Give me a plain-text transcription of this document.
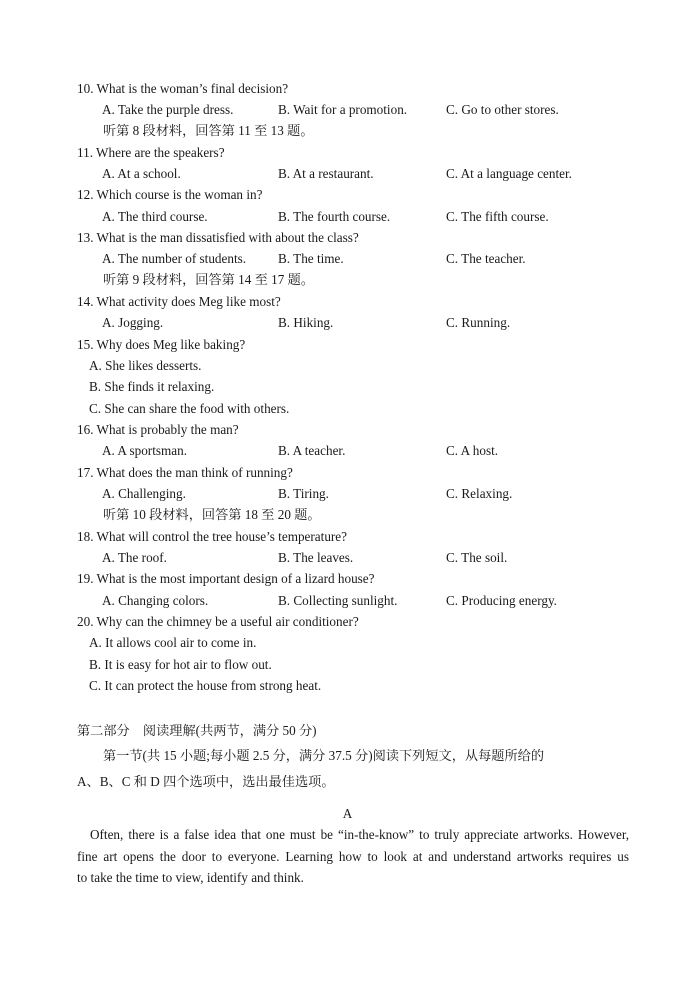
10. What is the woman’s final decision?
A. Take the purple dress.	B. Wait for a promotion.	C. Go to other stores.
听第 8 段材料，回答第 11 至 13 题。
11. Where are the speakers?
A. At a school.	B. At a restaurant.	C. At a language center.
12. Which course is the woman in?
A. The third course.	B. The fourth course.	C. The fifth course.
13. What is the man dissatisfied with about the class?
A. The number of students. B. The time.	C. The teacher.
听第 9 段材料，回答第 14 至 17 题。
14. What activity does Meg like most?
A. Jogging.	B. Hiking.	C. Running.
15. Why does Meg like baking?
A. She likes desserts.
B. She finds it relaxing.
C. She can share the food with others.
16. What is probably the man?
A. A sportsman.	B. A teacher.	C. A host.
17. What does the man think of running?
A. Challenging.	B. Tiring.	C. Relaxing.
听第 10 段材料，回答第 18 至 20 题。
18. What will control the tree house’s temperature?
A. The roof.	B. The leaves.	C. The soil.
19. What is the most important design of a lizard house?
A. Changing colors.	B. Collecting sunlight.	C. Producing energy.
20. Why can the chimney be a useful air conditioner?
A. It allows cool air to come in.
B. It is easy for hot air to flow out.
C. It can protect the house from strong heat.
第二部分　阅读理解(共两节，满分 50 分)
第一节(共 15 小题;每小题 2.5 分，满分 37.5 分)阅读下列短文，从每题所给的
A、B、C 和 D 四个选项中，选出最佳选项。
A
Often, there is a false idea that one must be “in-the-know” to truly appreciate artworks. However,
fine art opens the door to everyone. Learning how to look at and understand artworks requires us
to take the time to view, identify and think.
